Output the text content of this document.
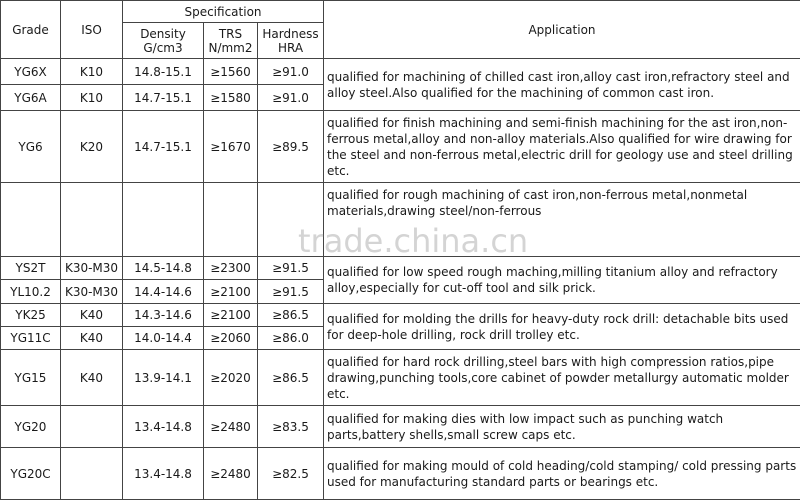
Grade	ISO	Specification			Application

		Density G/cm3	TRS N/mm2	Hardness HRA	

YG6X	K10	14.8-15.1	≥1560	≥91.0	qualified for machining of chilled cast iron,alloy cast iron,refractory steel and alloy steel.Also qualified for the machining of common cast iron.
YG6A	K10	14.7-15.1	≥1580	≥91.0	
YG6	K20	14.7-15.1	≥1670	≥89.5	qualified for finish machining and semi-finish machining for the ast iron,non-ferrous metal,alloy and non-alloy materials.Also qualified for wire drawing for the steel and non-ferrous metal,electric drill for geology use and steel drilling etc.

					qualified for rough machining of cast iron,non-ferrous metal,nonmetal materials,drawing steel/non-ferrous

YS2T	K30-M30	14.5-14.8	≥2300	≥91.5	qualified for low speed rough maching,milling titanium alloy and refractory alloy,especially for cut-off tool and silk prick.
YL10.2	K30-M30	14.4-14.6	≥2100	≥91.5	
YK25	K40	14.3-14.6	≥2100	≥86.5	qualified for molding the drills for heavy-duty rock drill: detachable bits used for deep-hole drilling, rock drill trolley etc.
YG11C	K40	14.0-14.4	≥2060	≥86.0	
YG15	K40	13.9-14.1	≥2020	≥86.5	qualified for hard rock drilling,steel bars with high compression ratios,pipe drawing,punching tools,core cabinet of powder metallurgy automatic molder etc.
YG20		13.4-14.8	≥2480	≥83.5	qualified for making dies with low impact such as punching watch parts,battery shells,small screw caps etc.
YG20C		13.4-14.8	≥2480	≥82.5	qualified for making mould of cold heading/cold stamping/ cold pressing parts used for manufacturing standard parts or bearings etc.
trade.china.cn
